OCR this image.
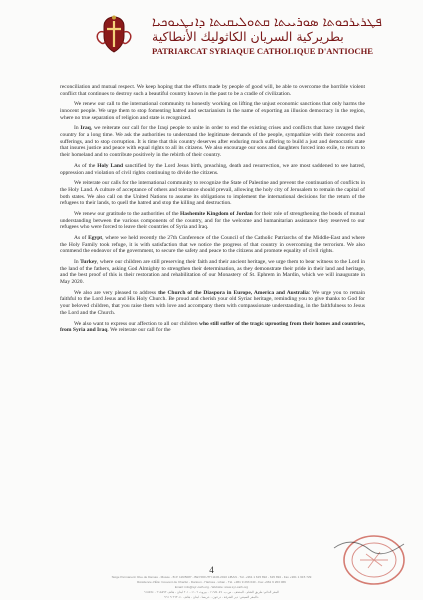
ܦܛܪܝܪܟܘܬܐ ܣܘܪܝܝܬܐ ܩܬܘܠܝܩܝܬܐ ܕܐܢܛܝܘܟܝܐ
بطريركية السريان الكاثوليك الأنطاكية
PATRIARCAT SYRIAQUE CATHOLIQUE D'ANTIOCHE

reconciliation and mutual respect. We keep hoping that the efforts made by people of good will, be able to overcome the horrible violent conflict that continues to destroy such a beautiful country known in the past to be a cradle of civilization.

We renew our call to the international community to honestly working on lifting the unjust economic sanctions that only harms the innocent people. We urge them to stop fomenting hatred and sectarianism in the name of exporting an illusion democracy in the region, where no true separation of religion and state is recognized.

In Iraq, we reiterate our call for the Iraqi people to unite in order to end the existing crises and conflicts that have ravaged their country for a long time. We ask the authorities to understand the legitimate demands of the people, sympathize with their concerns and sufferings, and to stop corruption. It is time that this country deserves after enduring much suffering to build a just and democratic state that insures justice and peace with equal rights to all its citizens. We also encourage our sons and daughters forced into exile, to return to their homeland and to contribute positively in the rebirth of their country.

As of the Holy Land sanctified by the Lord Jesus birth, preaching, death and resurrection, we are most saddened to see hatred, oppression and violation of civil rights continuing to divide the citizens.

We reiterate our calls for the international community to recognize the State of Palestine and prevent the continuation of conflicts in the Holy Land. A culture of acceptance of others and tolerance should prevail, allowing the holy city of Jerusalem to remain the capital of both states. We also call on the United Nations to assume its obligations to implement the international decisions for the return of the refugees to their lands, to quell the hatred and stop the killing and destruction.

We renew our gratitude to the authorities of the Hashemite Kingdom of Jordan for their role of strengthening the bonds of mutual understanding between the various components of the country, and for the welcome and humanitarian assistance they reserved to our refugees who were forced to leave their countries of Syria and Iraq.

As of Egypt, where we held recently the 27th Conference of the Council of the Catholic Patriarchs of the Middle-East and where the Holy Family took refuge, it is with satisfaction that we notice the progress of that country in overcoming the terrorism. We also commend the endeavor of the government, to secure the safety and peace to the citizens and promote equality of civil rights.

In Turkey, where our children are still preserving their faith and their ancient heritage, we urge them to bear witness to the Lord in the land of the fathers, asking God Almighty to strengthen their determination, as they demonstrate their pride in their land and heritage, and the best proof of this is their restoration and rehabilitation of our Monastery of St. Ephrem in Mardin, which we will inaugurate in May 2020.

We also are very pleased to address the Church of the Diaspora in Europe, America and Australia: We urge you to remain faithful to the Lord Jesus and His Holy Church. Be proud and cherish your old Syriac heritage, reminding you to give thanks to God for your beloved children, that you raise them with love and accompany them with compassionate understanding, in the faithfulness to Jesus the Lord and the Church.

We also want to express our affection to all our children who still suffer of the tragic uprooting from their homes and countries, from Syria and Iraq. We reiterate our call for the

4
Siège Permanent: Rue de Damas - Musée - B.P. 116/5087 - BEYROUTH 1106-2010 LIBAN - Tél. +961 1 615 892 - 615 894 - Fax +961 1 615 729
Résidence d'Été: Couvent de Charfet - Darioun - Harissa - Liban - Tél. +961 9 263 040 - Fax +961 9 263 066
Email: info@syr-cath.org - Website: www.syr-cath.org
المقر الدائم: طريق الشام - المتحف - ص.ب. ١١٦/٥٠٨٧ - بيروت ١١٠٦-٢٠١٠ لبنان - هاتف ٦١٥٨٩٢ - ٦١٥٨٩٤
المقر الصيفي: دير الشرفة - درعون - حريصا - لبنان - هاتف ٢٦٣٠٤٠ ٩ ٩٦١+
